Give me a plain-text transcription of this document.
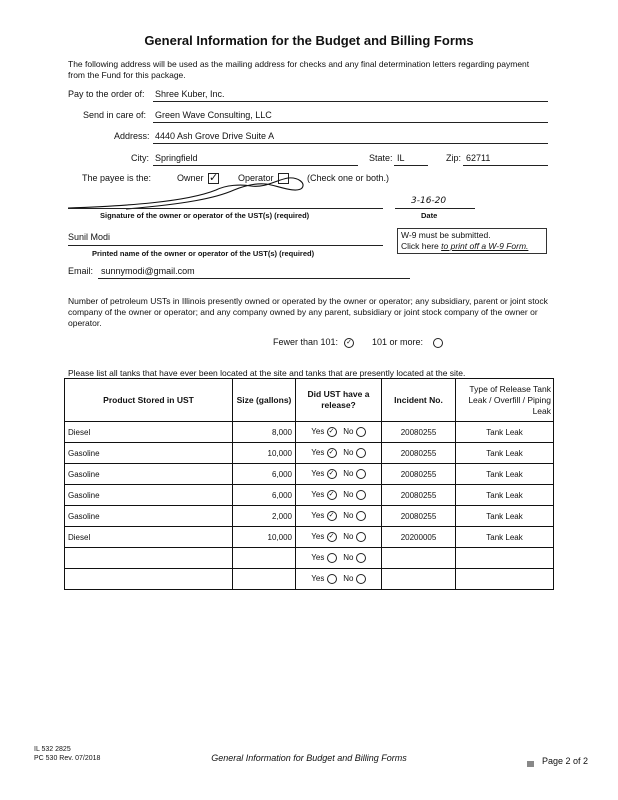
General Information for the Budget and Billing Forms
The following address will be used as the mailing address for checks and any final determination letters regarding payment from the Fund for this package.
Pay to the order of: Shree Kuber, Inc.
Send in care of: Green Wave Consulting, LLC
Address: 4440 Ash Grove Drive Suite A
City: Springfield	State: IL	Zip: 62711
The payee is the:	Owner ✓ Operator	(Check one or both.)
3-16-20
Signature of the owner or operator of the UST(s) (required)	Date
W-9 must be submitted.
Click here to print off a W-9 Form.
Sunil Modi
Printed name of the owner or operator of the UST(s) (required)
Email: sunnymodi@gmail.com
Number of petroleum USTs in Illinois presently owned or operated by the owner or operator; any subsidiary, parent or joint stock company of the owner or operator; and any company owned by any parent, subsidiary or joint stock company of the owner or operator.
Fewer than 101: ✓ 101 or more:
Please list all tanks that have ever been located at the site and tanks that are presently located at the site.
Product Stored in UST	Size (gallons)	Did UST have a release?	Incident No.	Type of Release Tank Leak / Overfill / Piping Leak
Diesel	8,000	Yes ✓ No	20080255	Tank Leak
Gasoline	10,000	Yes ✓ No	20080255	Tank Leak
Gasoline	6,000	Yes ✓ No	20080255	Tank Leak
Gasoline	6,000	Yes ✓ No	20080255	Tank Leak
Gasoline	2,000	Yes ✓ No	20080255	Tank Leak
Diesel	10,000	Yes ✓ No	20200005	Tank Leak
		Yes No		
		Yes No		
IL 532 2825
PC 530 Rev. 07/2018	General Information for Budget and Billing Forms	Page 2 of 2
